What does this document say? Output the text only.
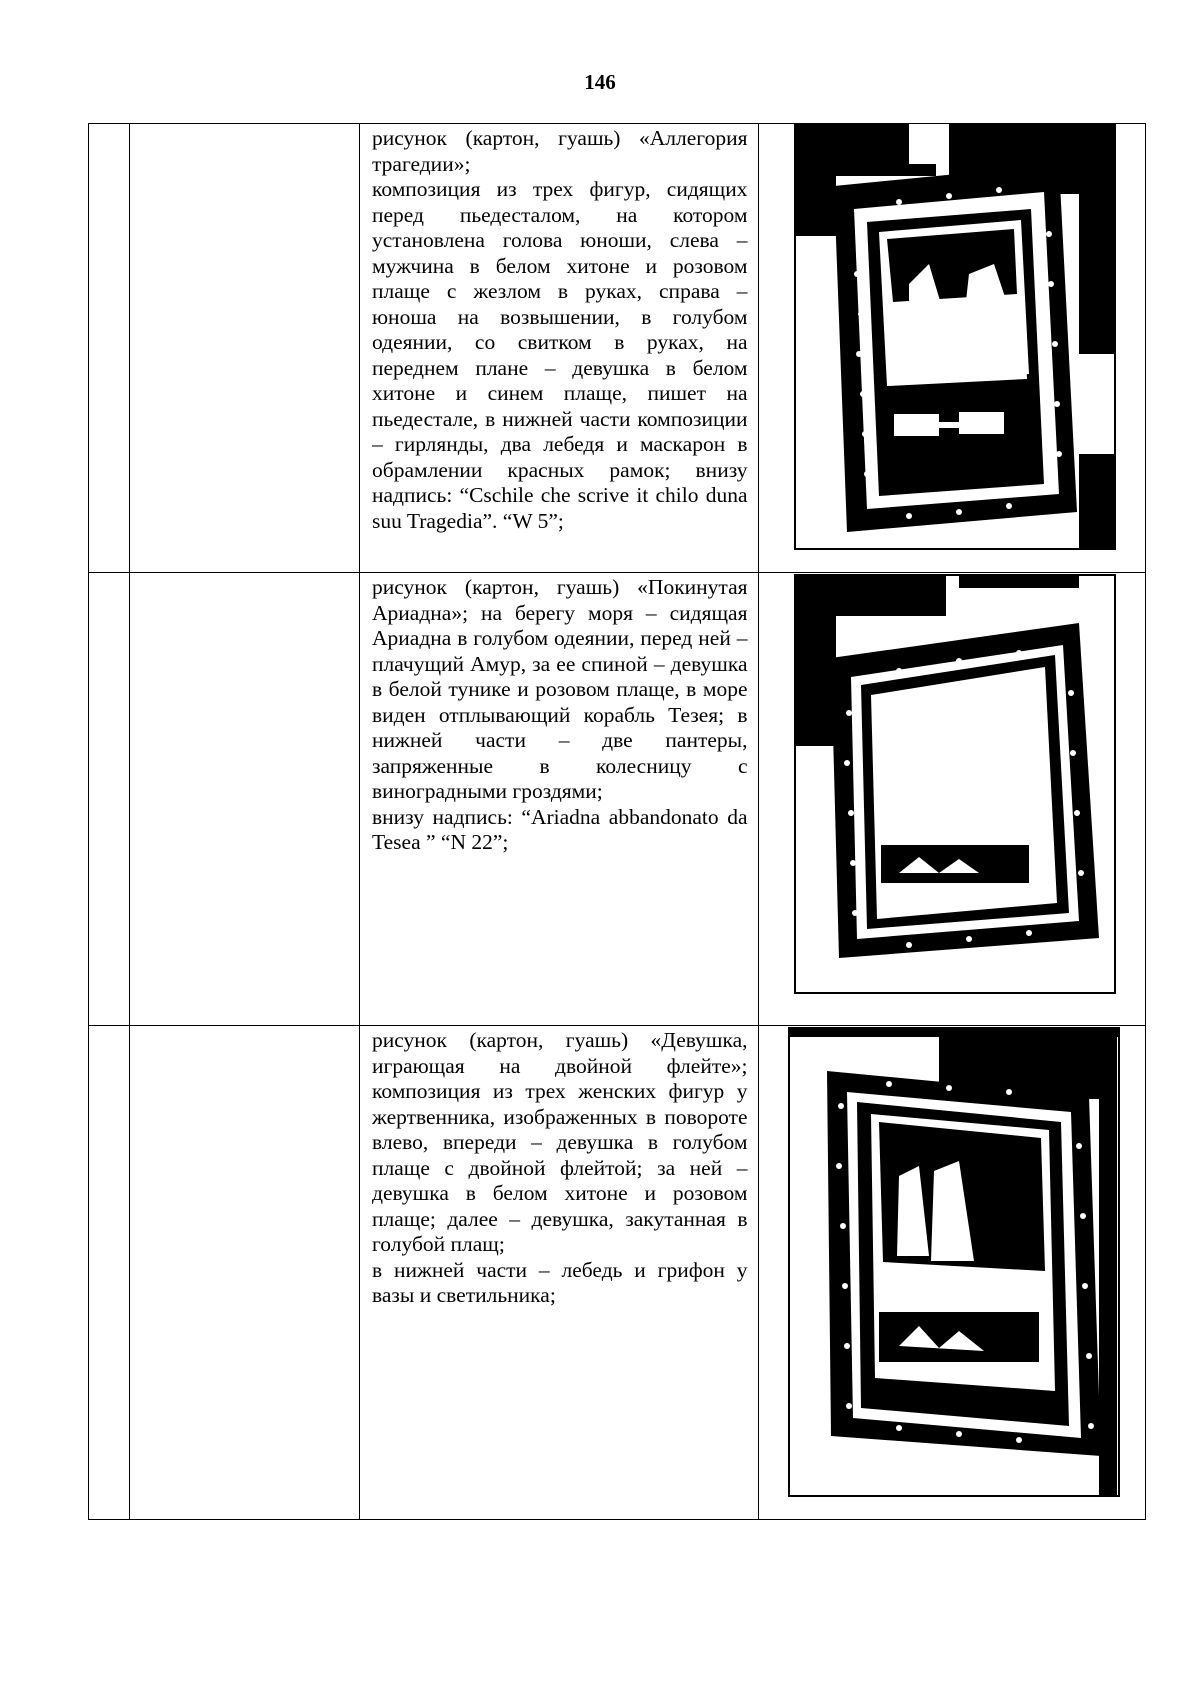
146

		рисунок (картон, гуашь) «Аллегория трагедии»;

композиция из трех фигур, сидящих перед пьедесталом, на котором установлена голова юноши, слева – мужчина в белом хитоне и розовом плаще с жезлом в руках, справа – юноша на возвышении, в голубом одеянии, со свитком в руках, на переднем плане – девушка в белом хитоне и синем плаще, пишет на пьедестале, в нижней части композиции – гирлянды, два лебедя и маскарон в обрамлении красных рамок; внизу надпись: “Cschile che scrive it chilo duna suu Tragedia”. “W 5”;

		рисунок (картон, гуашь) «Покинутая Ариадна»; на берегу моря – сидящая Ариадна в голубом одеянии, перед ней – плачущий Амур, за ее спиной – девушка в белой тунике и розовом плаще, в море виден отплывающий корабль Тезея; в нижней части – две пантеры, запряженные в колесницу с виноградными гроздями;

внизу надпись: “Ariadna abbandonato da Tesea ” “N 22”;

		рисунок (картон, гуашь) «Девушка, играющая на двойной флейте»; композиция из трех женских фигур у жертвенника, изображенных в повороте влево, впереди – девушка в голубом плаще с двойной флейтой; за ней – девушка в белом хитоне и розовом плаще; далее – девушка, закутанная в голубой плащ;

в нижней части – лебедь и грифон у вазы и светильника;
